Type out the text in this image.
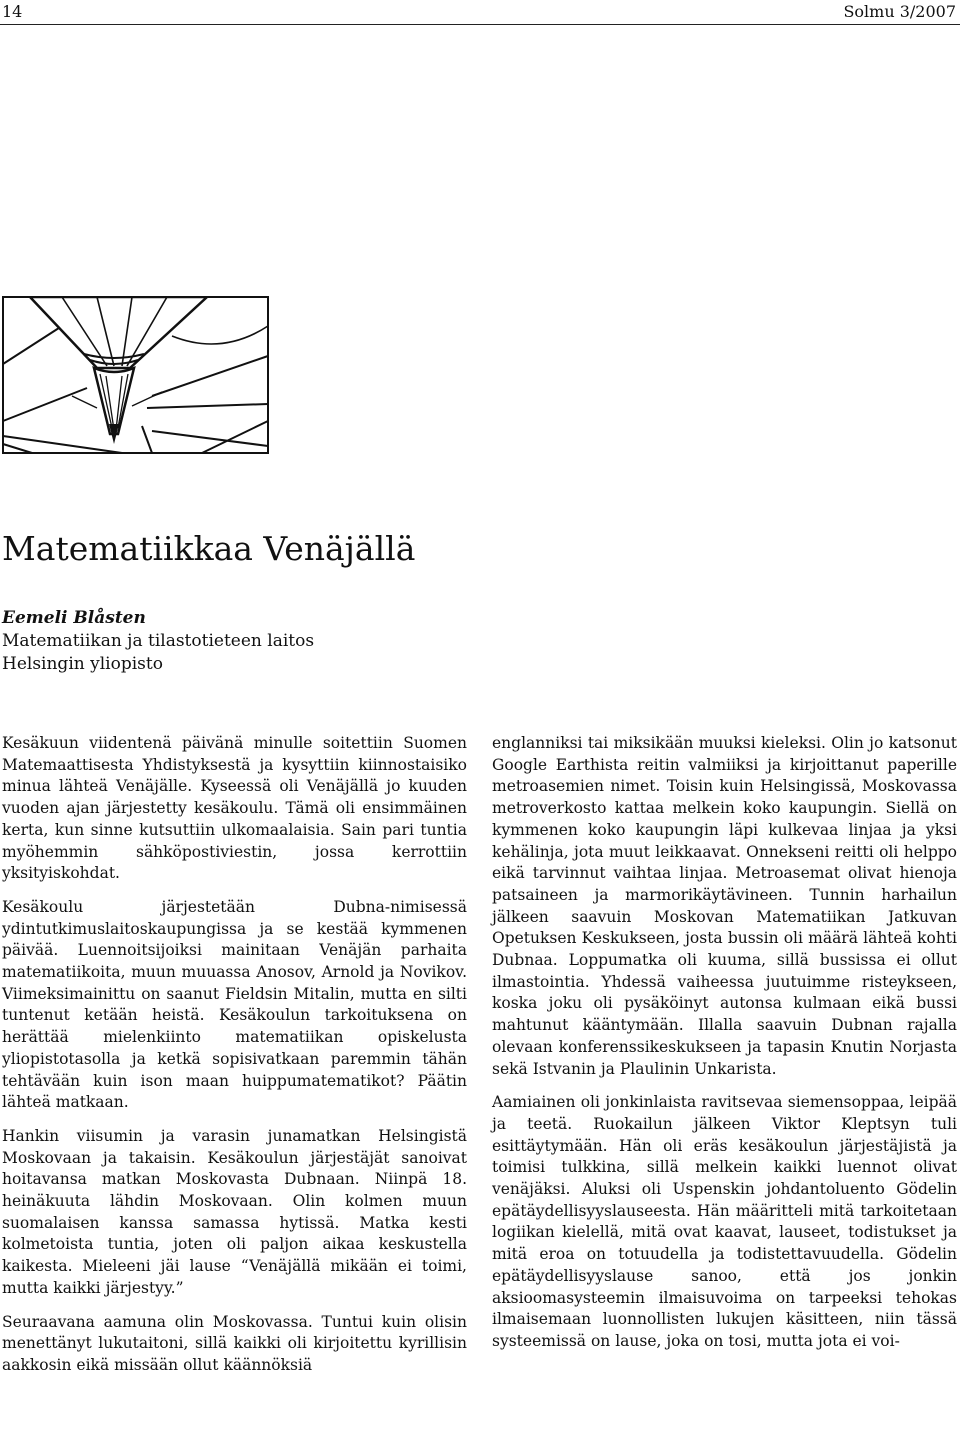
14	Solmu 3/2007
Matematiikkaa Venäjällä
Eemeli Blåsten
Matematiikan ja tilastotieteen laitos
Helsingin yliopisto

Kesäkuun viidentenä päivänä minulle soitettiin Suomen Matemaattisesta Yhdistyksestä ja kysyttiin kiinnostaisiko minua lähteä Venäjälle. Kyseessä oli Venäjällä jo kuuden vuoden ajan järjestetty kesäkoulu. Tämä oli ensimmäinen kerta, kun sinne kutsuttiin ulkomaalaisia. Sain pari tuntia myöhemmin sähköpostiviestin, jossa kerrottiin yksityiskohdat.

Kesäkoulu järjestetään Dubna-nimisessä ydintutkimuslaitoskaupungissa ja se kestää kymmenen päivää. Luennoitsijoiksi mainitaan Venäjän parhaita matematiikoita, muun muuassa Anosov, Arnold ja Novikov. Viimeksimainittu on saanut Fieldsin Mitalin, mutta en silti tuntenut ketään heistä. Kesäkoulun tarkoituksena on herättää mielenkiinto matematiikan opiskelusta yliopistotasolla ja ketkä sopisivatkaan paremmin tähän tehtävään kuin ison maan huippumatematikot? Päätin lähteä matkaan.

Hankin viisumin ja varasin junamatkan Helsingistä Moskovaan ja takaisin. Kesäkoulun järjestäjät sanoivat hoitavansa matkan Moskovasta Dubnaan. Niinpä 18. heinäkuuta lähdin Moskovaan. Olin kolmen muun suomalaisen kanssa samassa hytissä. Matka kesti kolmetoista tuntia, joten oli paljon aikaa keskustella kaikesta. Mieleeni jäi lause “Venäjällä mikään ei toimi, mutta kaikki järjestyy.”

Seuraavana aamuna olin Moskovassa. Tuntui kuin olisin menettänyt lukutaitoni, sillä kaikki oli kirjoitettu kyrillisin aakkosin eikä missään ollut käännöksiä

englanniksi tai miksikään muuksi kieleksi. Olin jo katsonut Google Earthista reitin valmiiksi ja kirjoittanut paperille metroasemien nimet. Toisin kuin Helsingissä, Moskovassa metroverkosto kattaa melkein koko kaupungin. Siellä on kymmenen koko kaupungin läpi kulkevaa linjaa ja yksi kehälinja, jota muut leikkaavat. Onnekseni reitti oli helppo eikä tarvinnut vaihtaa linjaa. Metroasemat olivat hienoja patsaineen ja marmorikäytävineen. Tunnin harhailun jälkeen saavuin Moskovan Matematiikan Jatkuvan Opetuksen Keskukseen, josta bussin oli määrä lähteä kohti Dubnaa. Loppumatka oli kuuma, sillä bussissa ei ollut ilmastointia. Yhdessä vaiheessa juutuimme risteykseen, koska joku oli pysäköinyt autonsa kulmaan eikä bussi mahtunut kääntymään. Illalla saavuin Dubnan rajalla olevaan konferenssikeskukseen ja tapasin Knutin Norjasta sekä Istvanin ja Plaulinin Unkarista.

Aamiainen oli jonkinlaista ravitsevaa siemensoppaa, leipää ja teetä. Ruokailun jälkeen Viktor Kleptsyn tuli esittäytymään. Hän oli eräs kesäkoulun järjestäjistä ja toimisi tulkkina, sillä melkein kaikki luennot olivat venäjäksi. Aluksi oli Uspenskin johdantoluento Gödelin epätäydellisyyslauseesta. Hän määritteli mitä tarkoitetaan logiikan kielellä, mitä ovat kaavat, lauseet, todistukset ja mitä eroa on totuudella ja todistettavuudella. Gödelin epätäydellisyyslause sanoo, että jos jonkin aksioomasysteemin ilmaisuvoima on tarpeeksi tehokas ilmaisemaan luonnollisten lukujen käsitteen, niin tässä systeemissä on lause, joka on tosi, mutta jota ei voi-
